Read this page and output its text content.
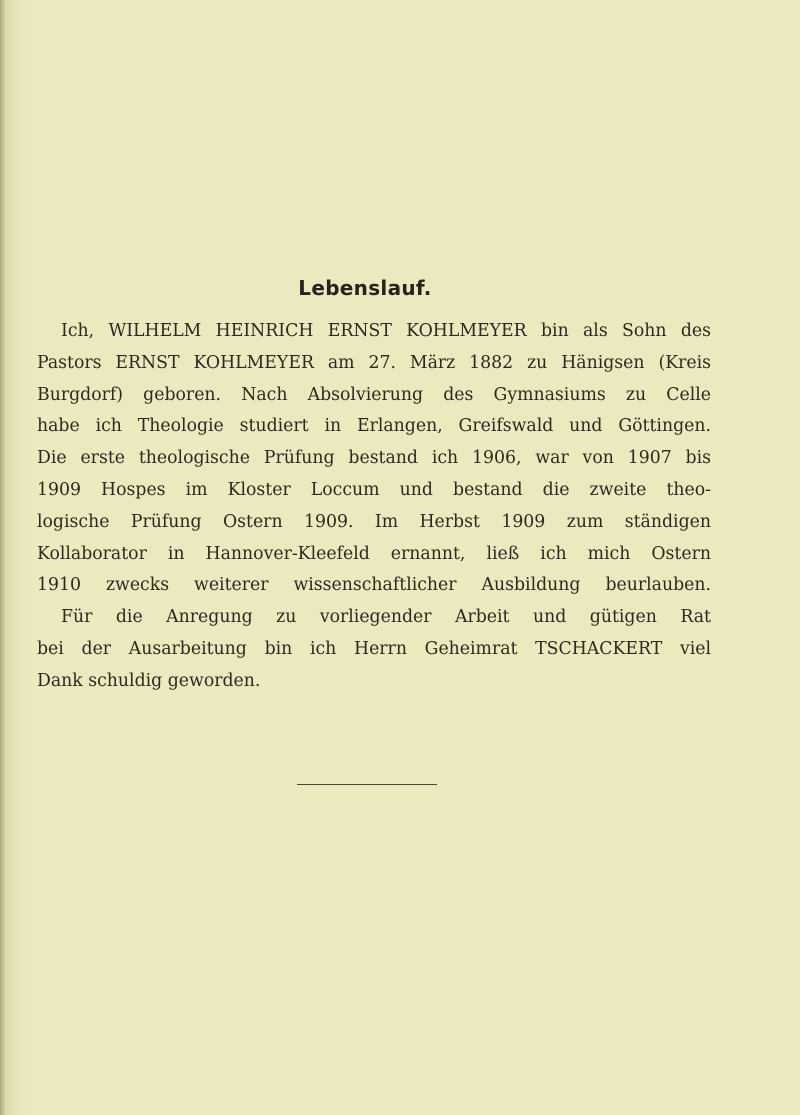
Lebenslauf.
Ich, WILHELM HEINRICH ERNST KOHLMEYER bin als Sohn des
Pastors ERNST KOHLMEYER am 27. März 1882 zu Hänigsen (Kreis
Burgdorf) geboren. Nach Absolvierung des Gymnasiums zu Celle
habe ich Theologie studiert in Erlangen, Greifswald und Göttingen.
Die erste theologische Prüfung bestand ich 1906, war von 1907 bis
1909 Hospes im Kloster Loccum und bestand die zweite theo-
logische Prüfung Ostern 1909. Im Herbst 1909 zum ständigen
Kollaborator in Hannover-Kleefeld ernannt, ließ ich mich Ostern
1910 zwecks weiterer wissenschaftlicher Ausbildung beurlauben.
Für die Anregung zu vorliegender Arbeit und gütigen Rat
bei der Ausarbeitung bin ich Herrn Geheimrat TSCHACKERT viel
Dank schuldig geworden.
